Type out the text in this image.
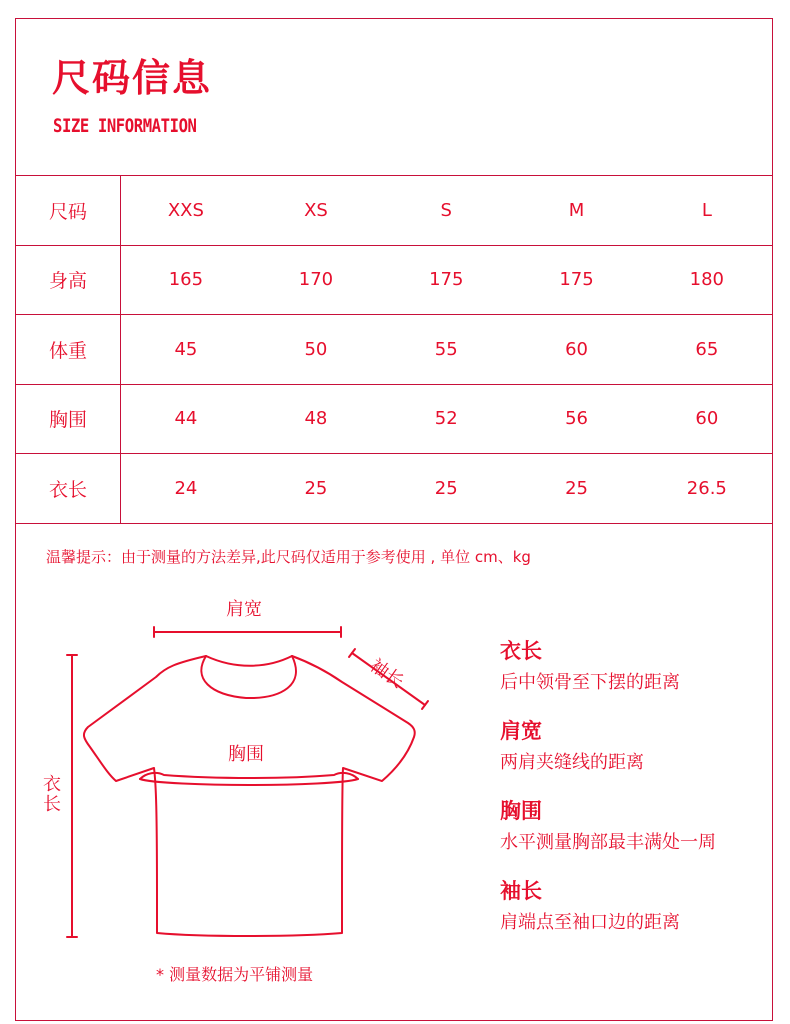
尺码信息
SIZE INFORMATION
尺码	XXS	XS	S	M	L
身高	165	170	175	175	180
体重	45	50	55	60	65
胸围	44	48	52	56	60
衣长	24	25	25	25	26.5
温馨提示：由于测量的方法差异,此尺码仅适用于参考使用 , 单位 cm、kg
肩宽
袖长
胸围
衣
长
* 测量数据为平铺测量
衣长
后中领骨至下摆的距离
肩宽
两肩夹缝线的距离
胸围
水平测量胸部最丰满处一周
袖长
肩端点至袖口边的距离
